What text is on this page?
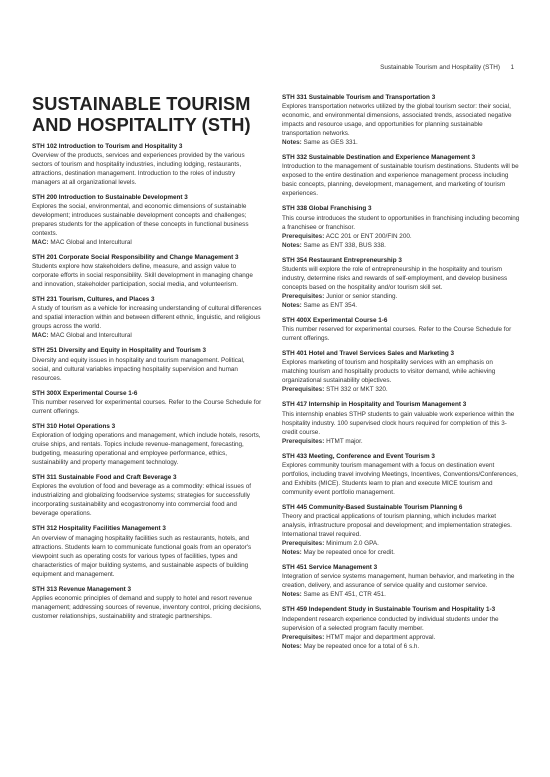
Sustainable Tourism and Hospitality (STH) 1
SUSTAINABLE TOURISM AND HOSPITALITY (STH)
STH 102 Introduction to Tourism and Hospitality 3
Overview of the products, services and experiences provided by the various sectors of tourism and hospitality industries, including lodging, restaurants, attractions, destination management. Introduction to the roles of industry managers at all organizational levels.
STH 200 Introduction to Sustainable Development 3
Explores the social, environmental, and economic dimensions of sustainable development; introduces sustainable development concepts and challenges; prepares students for the application of these concepts in functional business contexts.
MAC: MAC Global and Intercultural
STH 201 Corporate Social Responsibility and Change Management 3
Students explore how stakeholders define, measure, and assign value to corporate efforts in social responsibility. Skill development in managing change and innovation, stakeholder participation, social media, and volunteerism.
STH 231 Tourism, Cultures, and Places 3
A study of tourism as a vehicle for increasing understanding of cultural differences and spatial interaction within and between different ethnic, linguistic, and religious groups across the world.
MAC: MAC Global and Intercultural
STH 251 Diversity and Equity in Hospitality and Tourism 3
Diversity and equity issues in hospitality and tourism management. Political, social, and cultural variables impacting hospitality supervision and human resources.
STH 300X Experimental Course 1-6
This number reserved for experimental courses. Refer to the Course Schedule for current offerings.
STH 310 Hotel Operations 3
Exploration of lodging operations and management, which include hotels, resorts, cruise ships, and rentals. Topics include revenue-management, forecasting, budgeting, measuring operational and employee performance, ethics, sustainability and property management technology.
STH 311 Sustainable Food and Craft Beverage 3
Explores the evolution of food and beverage as a commodity: ethical issues of industrializing and globalizing foodservice systems; strategies for successfully incorporating sustainability and ecogastronomy into commercial food and beverage operations.
STH 312 Hospitality Facilities Management 3
An overview of managing hospitality facilities such as restaurants, hotels, and attractions. Students learn to communicate functional goals from an operator's viewpoint such as operating costs for various types of facilities, types and characteristics of major building systems, and sustainable aspects of building equipment and management.
STH 313 Revenue Management 3
Applies economic principles of demand and supply to hotel and resort revenue management; addressing sources of revenue, inventory control, pricing decisions, customer relationships, sustainability and strategic partnerships.
STH 331 Sustainable Tourism and Transportation 3
Explores transportation networks utilized by the global tourism sector: their social, economic, and environmental dimensions, associated trends, associated negative impacts and resource usage, and opportunities for planning sustainable transportation networks.
Notes: Same as GES 331.
STH 332 Sustainable Destination and Experience Management 3
Introduction to the management of sustainable tourism destinations. Students will be exposed to the entire destination and experience management process including basic concepts, planning, development, management, and marketing of tourism experiences.
STH 338 Global Franchising 3
This course introduces the student to opportunities in franchising including becoming a franchisee or franchisor.
Prerequisites: ACC 201 or ENT 200/FIN 200.
Notes: Same as ENT 338, BUS 338.
STH 354 Restaurant Entrepreneurship 3
Students will explore the role of entrepreneurship in the hospitality and tourism industry, determine risks and rewards of self-employment, and develop business concepts based on the hospitality and/or tourism skill set.
Prerequisites: Junior or senior standing.
Notes: Same as ENT 354.
STH 400X Experimental Course 1-6
This number reserved for experimental courses. Refer to the Course Schedule for current offerings.
STH 401 Hotel and Travel Services Sales and Marketing 3
Explores marketing of tourism and hospitality services with an emphasis on matching tourism and hospitality products to visitor demand, while achieving organizational sustainability objectives.
Prerequisites: STH 332 or MKT 320.
STH 417 Internship in Hospitality and Tourism Management 3
This internship enables STHP students to gain valuable work experience within the hospitality industry. 100 supervised clock hours required for completion of this 3-credit course.
Prerequisites: HTMT major.
STH 433 Meeting, Conference and Event Tourism 3
Explores community tourism management with a focus on destination event portfolios, including travel involving Meetings, Incentives, Conventions/Conferences, and Exhibits (MICE). Students learn to plan and execute MICE tourism and community event portfolio management.
STH 445 Community-Based Sustainable Tourism Planning 6
Theory and practical applications of tourism planning, which includes market analysis, infrastructure proposal and development; and implementation strategies. International travel required.
Prerequisites: Minimum 2.0 GPA.
Notes: May be repeated once for credit.
STH 451 Service Management 3
Integration of service systems management, human behavior, and marketing in the creation, delivery, and assurance of service quality and customer service.
Notes: Same as ENT 451, CTR 451.
STH 459 Independent Study in Sustainable Tourism and Hospitality 1-3
Independent research experience conducted by individual students under the supervision of a selected program faculty member.
Prerequisites: HTMT major and department approval.
Notes: May be repeated once for a total of 6 s.h.
